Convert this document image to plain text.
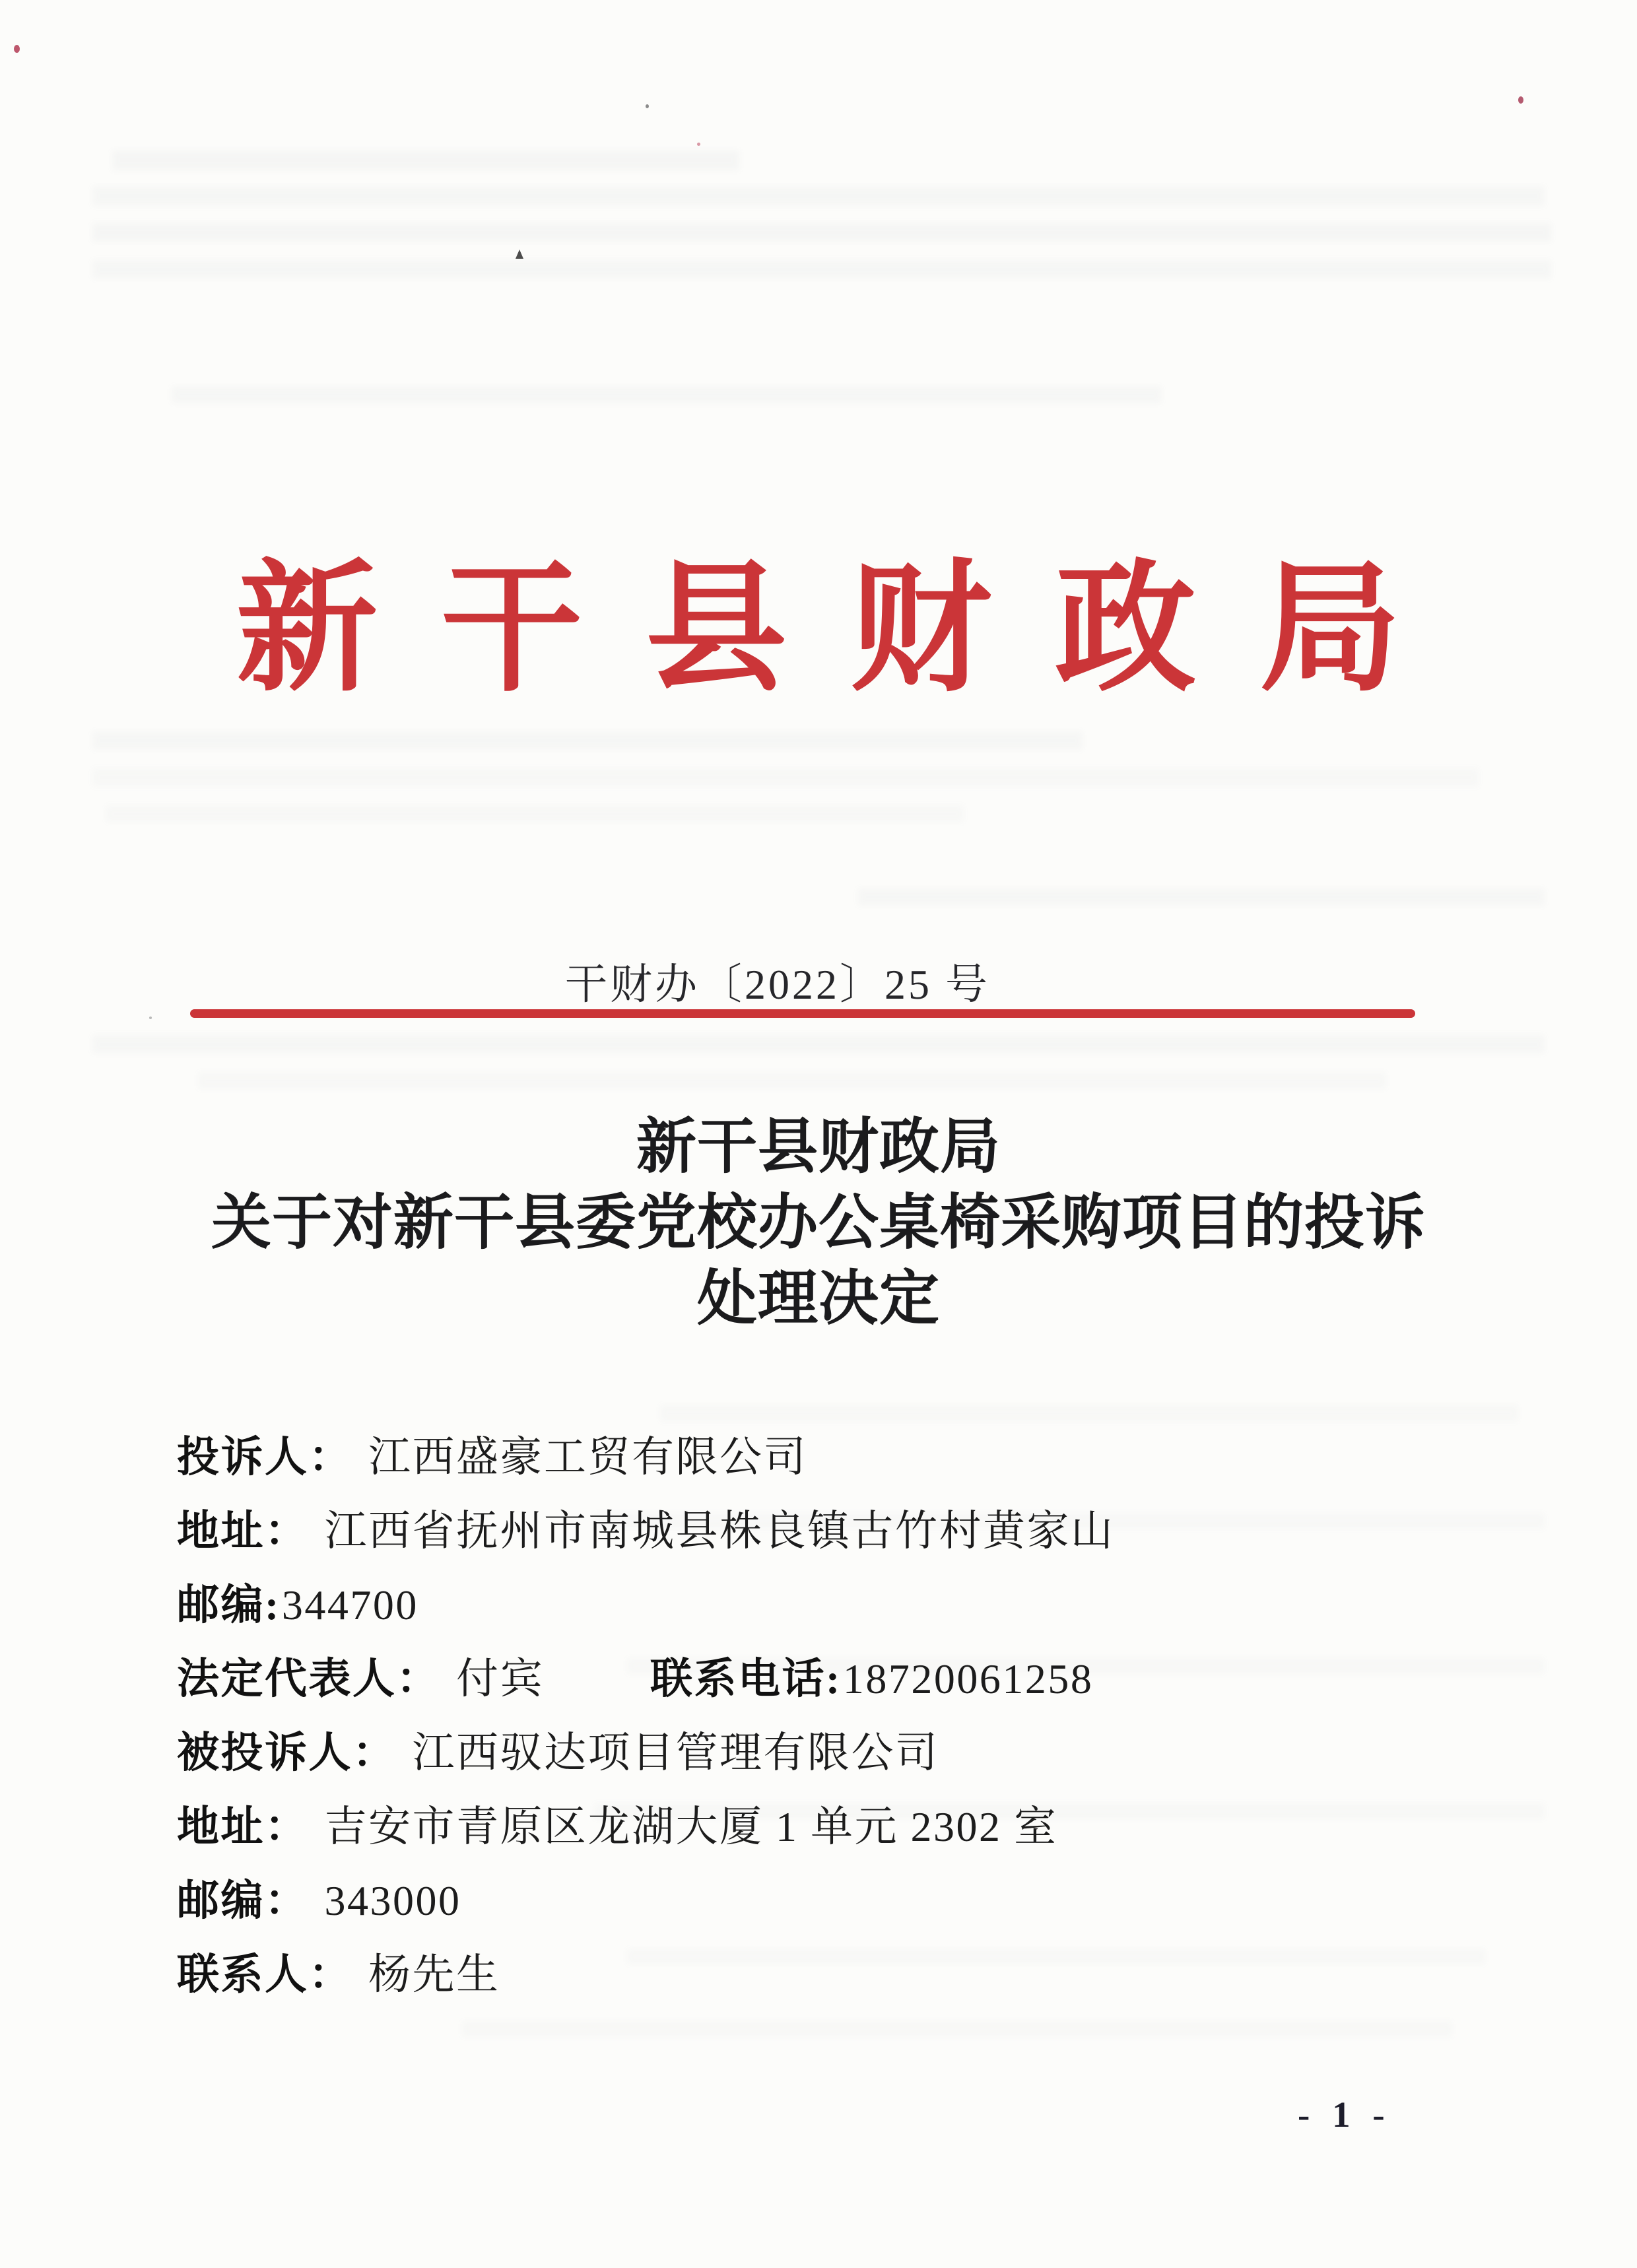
新干县财政局
干财办〔2022〕25 号
新干县财政局
关于对新干县委党校办公桌椅采购项目的投诉
处理决定
投诉人： 江西盛豪工贸有限公司
地址： 江西省抚州市南城县株良镇古竹村黄家山
邮编:344700
法定代表人： 付宾	联系电话:18720061258
被投诉人： 江西驭达项目管理有限公司
地址： 吉安市青原区龙湖大厦 1 单元 2302 室
邮编： 343000
联系人： 杨先生
- 1 -
